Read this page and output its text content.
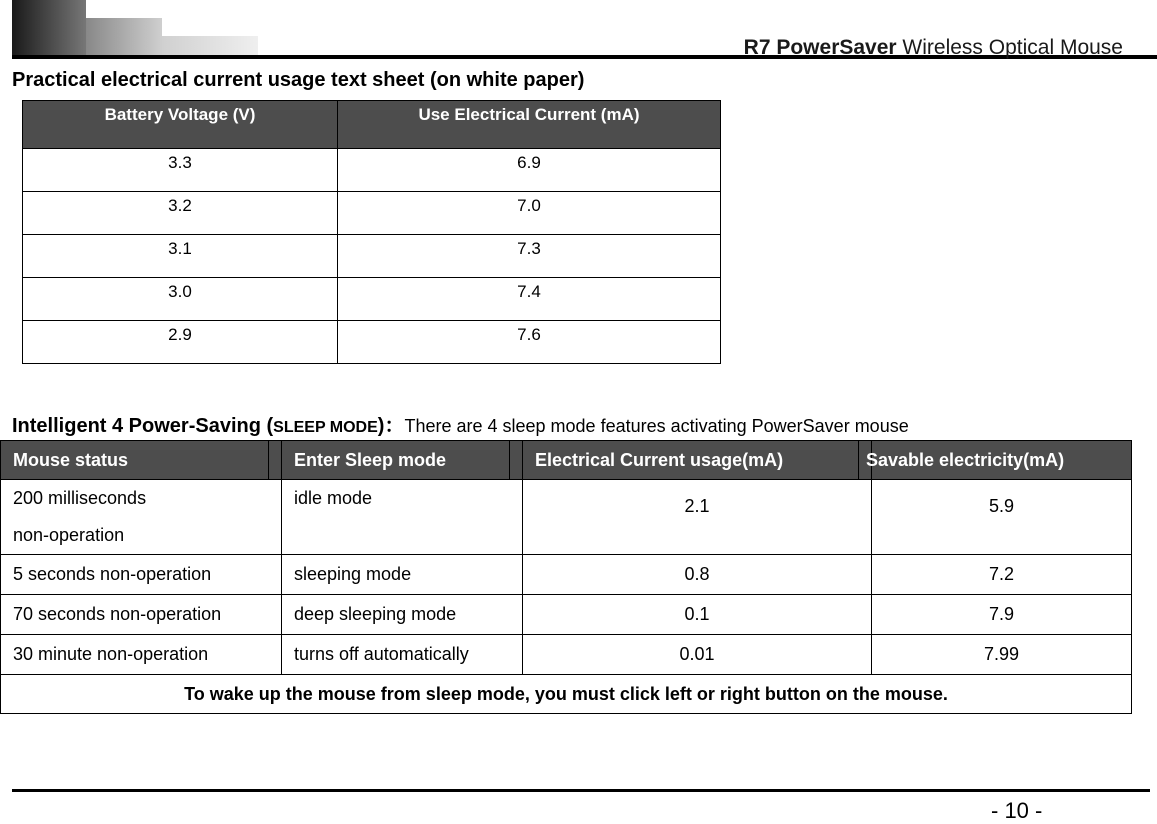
R7 PowerSaver Wireless Optical Mouse
Practical electrical current usage text sheet (on white paper)
Battery Voltage (V)	Use Electrical Current (mA)
3.3	6.9
3.2	7.0
3.1	7.3
3.0	7.4
2.9	7.6
Intelligent 4 Power-Saving (SLEEP MODE)：There are 4 sleep mode features activating PowerSaver mouse
Mouse status		Enter Sleep mode		Electrical Current usage(mA)		Savable electricity(mA)
200 milliseconds
non-operation		idle mode		2.1		5.9
5 seconds non-operation		sleeping mode		0.8		7.2
70 seconds non-operation		deep sleeping mode		0.1		7.9
30 minute non-operation		turns off automatically		0.01		7.99
To wake up the mouse from sleep mode, you must click left or right button on the mouse.						
- 10 -
